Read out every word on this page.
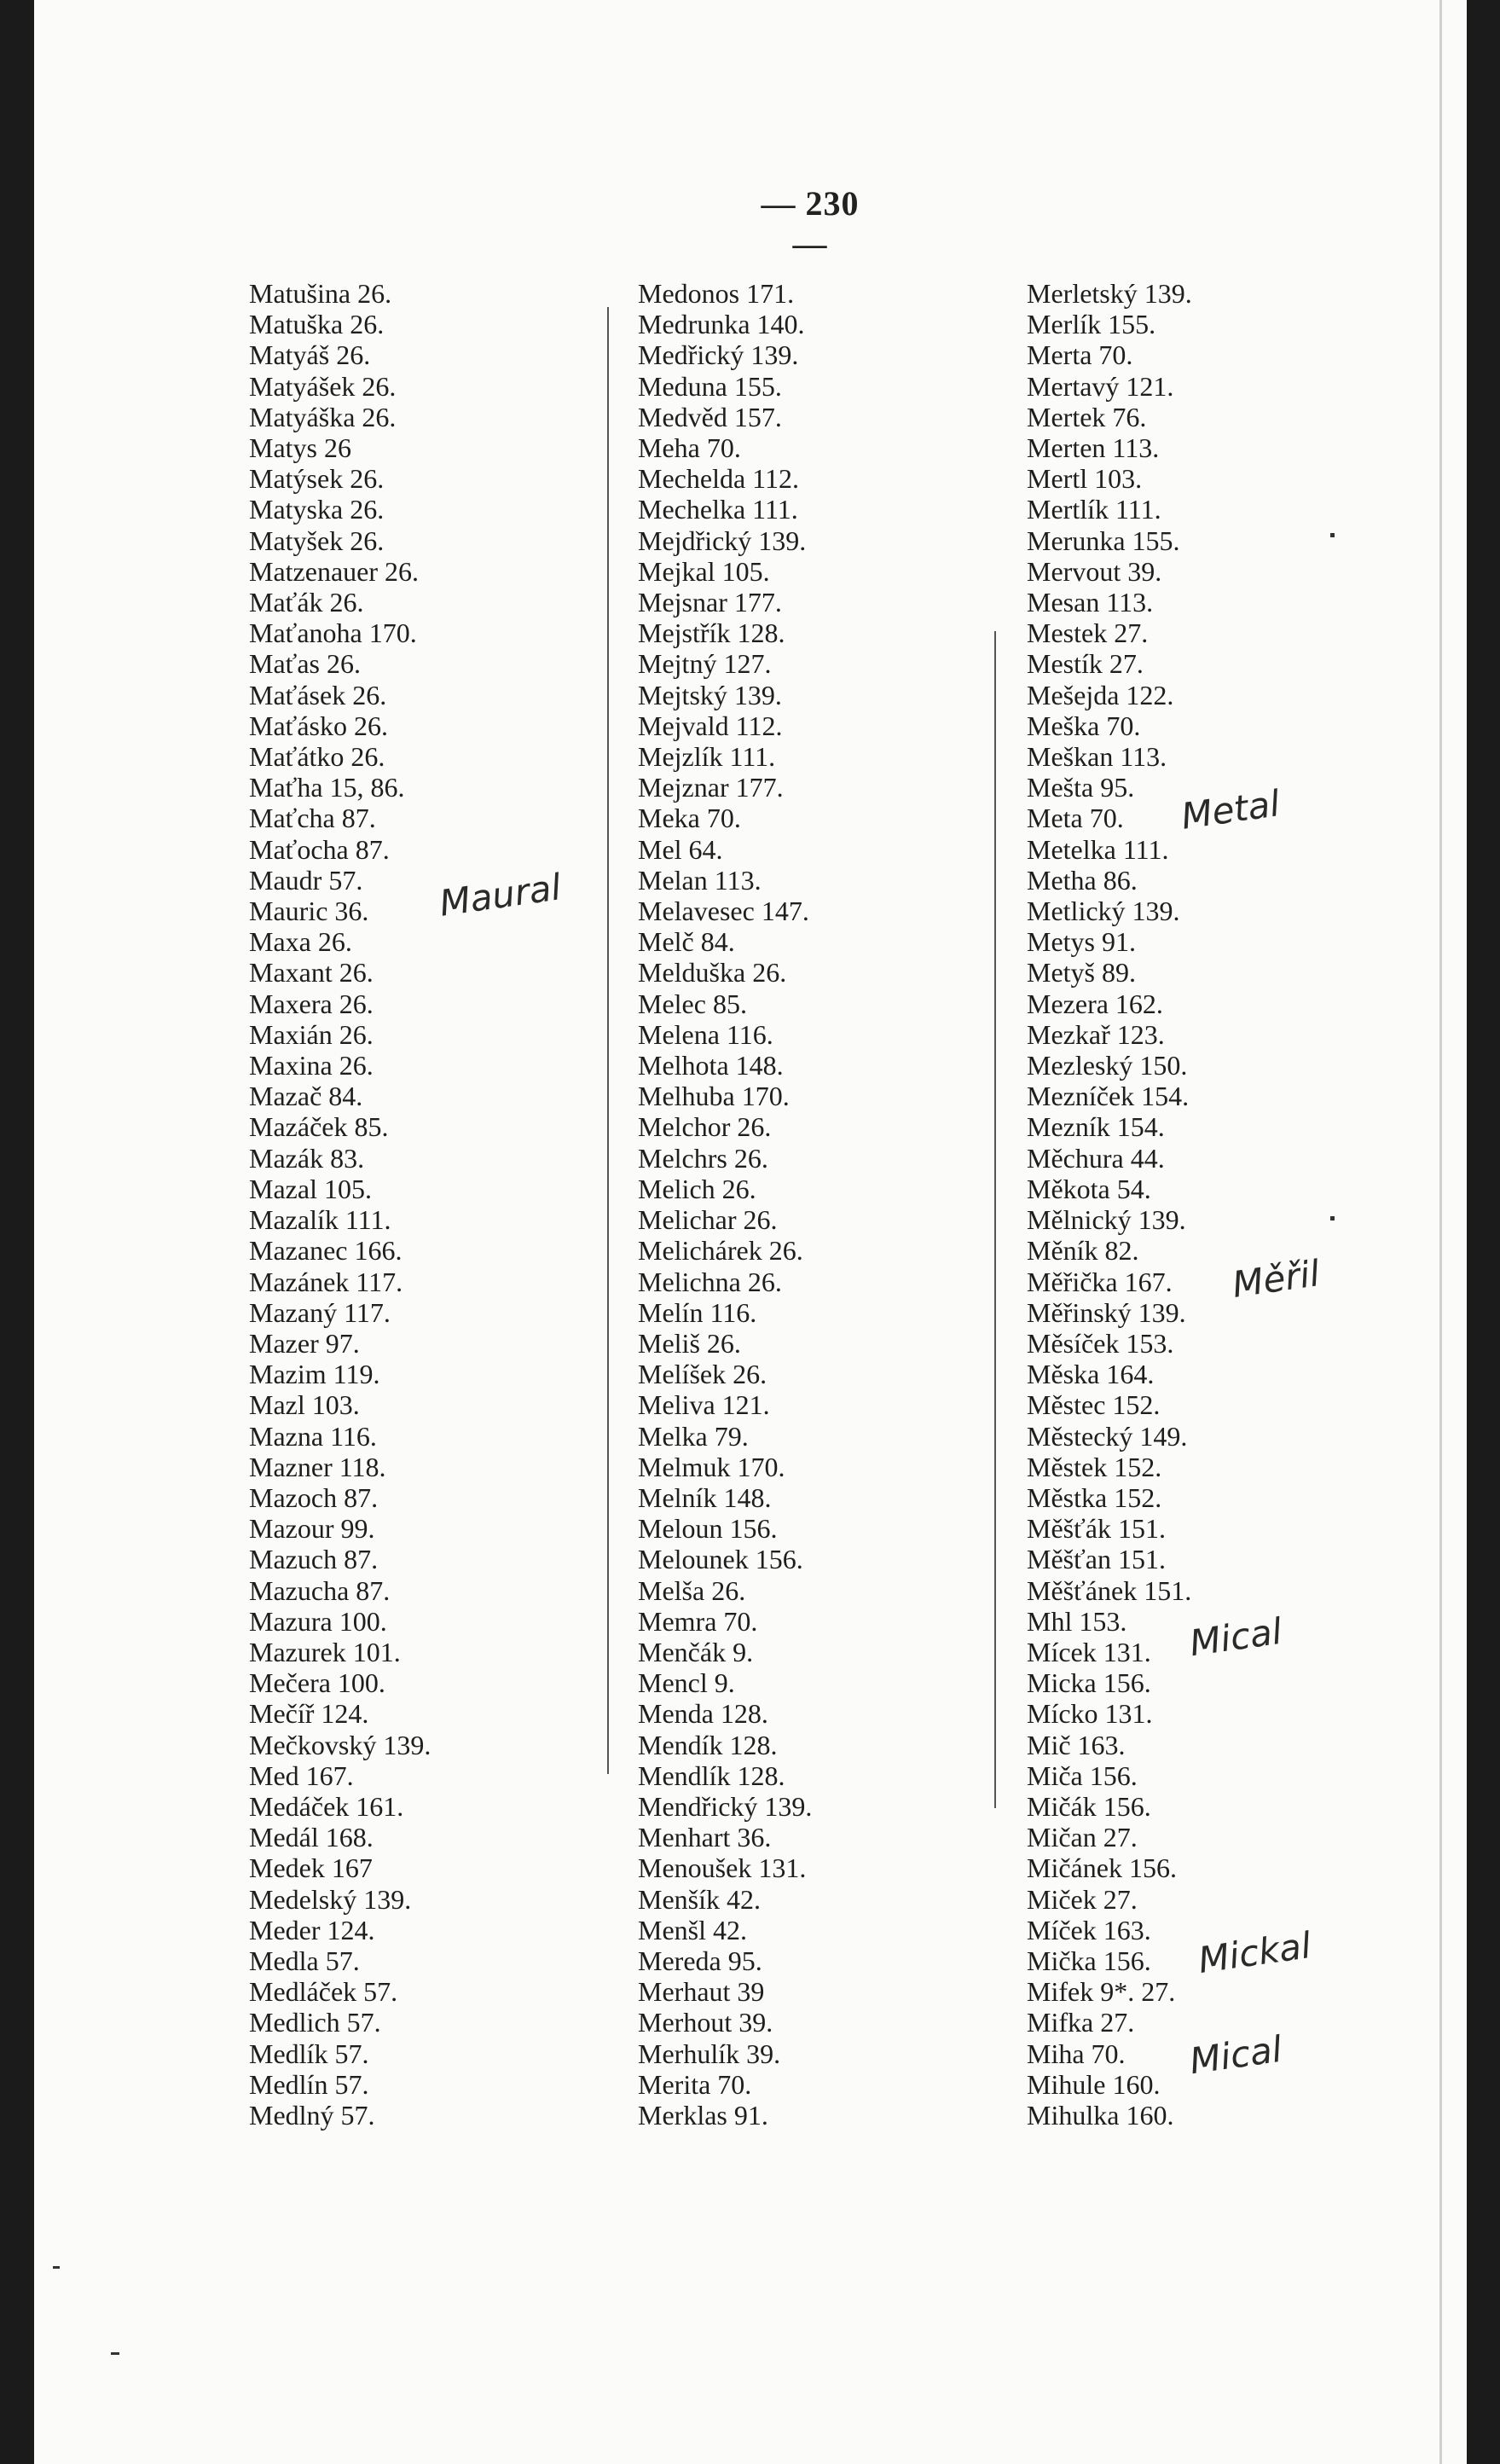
— 230 —
Matušina 26.
Matuška 26.
Matyáš 26.
Matyášek 26.
Matyáška 26.
Matys 26
Matýsek 26.
Matyska 26.
Matyšek 26.
Matzenauer 26.
Maťák 26.
Maťanoha 170.
Maťas 26.
Maťásek 26.
Maťásko 26.
Maťátko 26.
Maťha 15, 86.
Maťcha 87.
Maťocha 87.
Maudr 57.
Mauric 36.
Maxa 26.
Maxant 26.
Maxera 26.
Maxián 26.
Maxina 26.
Mazač 84.
Mazáček 85.
Mazák 83.
Mazal 105.
Mazalík 111.
Mazanec 166.
Mazánek 117.
Mazaný 117.
Mazer 97.
Mazim 119.
Mazl 103.
Mazna 116.
Mazner 118.
Mazoch 87.
Mazour 99.
Mazuch 87.
Mazucha 87.
Mazura 100.
Mazurek 101.
Mečera 100.
Mečíř 124.
Mečkovský 139.
Med 167.
Medáček 161.
Medál 168.
Medek 167
Medelský 139.
Meder 124.
Medla 57.
Medláček 57.
Medlich 57.
Medlík 57.
Medlín 57.
Medlný 57.
Medonos 171.
Medrunka 140.
Medřický 139.
Meduna 155.
Medvěd 157.
Meha 70.
Mechelda 112.
Mechelka 111.
Mejdřický 139.
Mejkal 105.
Mejsnar 177.
Mejstřík 128.
Mejtný 127.
Mejtský 139.
Mejvald 112.
Mejzlík 111.
Mejznar 177.
Meka 70.
Mel 64.
Melan 113.
Melavesec 147.
Melč 84.
Melduška 26.
Melec 85.
Melena 116.
Melhota 148.
Melhuba 170.
Melchor 26.
Melchrs 26.
Melich 26.
Melichar 26.
Melichárek 26.
Melichna 26.
Melín 116.
Meliš 26.
Melíšek 26.
Meliva 121.
Melka 79.
Melmuk 170.
Melník 148.
Meloun 156.
Melounek 156.
Melša 26.
Memra 70.
Menčák 9.
Mencl 9.
Menda 128.
Mendík 128.
Mendlík 128.
Mendřický 139.
Menhart 36.
Menoušek 131.
Menšík 42.
Menšl 42.
Mereda 95.
Merhaut 39
Merhout 39.
Merhulík 39.
Merita 70.
Merklas 91.
Merletský 139.
Merlík 155.
Merta 70.
Mertavý 121.
Mertek 76.
Merten 113.
Mertl 103.
Mertlík 111.
Merunka 155.
Mervout 39.
Mesan 113.
Mestek 27.
Mestík 27.
Mešejda 122.
Meška 70.
Meškan 113.
Mešta 95.
Meta 70.
Metelka 111.
Metha 86.
Metlický 139.
Metys 91.
Metyš 89.
Mezera 162.
Mezkař 123.
Mezleský 150.
Mezníček 154.
Mezník 154.
Měchura 44.
Měkota 54.
Mělnický 139.
Měník 82.
Měřička 167.
Měřinský 139.
Měsíček 153.
Měska 164.
Městec 152.
Městecký 149.
Městek 152.
Městka 152.
Měšťák 151.
Měšťan 151.
Měšťánek 151.
Mhl 153.
Mícek 131.
Micka 156.
Mícko 131.
Mič 163.
Miča 156.
Mičák 156.
Mičan 27.
Mičánek 156.
Miček 27.
Míček 163.
Mička 156.
Mifek 9*. 27.
Mifka 27.
Miha 70.
Mihule 160.
Mihulka 160.
Maural
Metal
Měřil
Mical
Mickal
Mical
